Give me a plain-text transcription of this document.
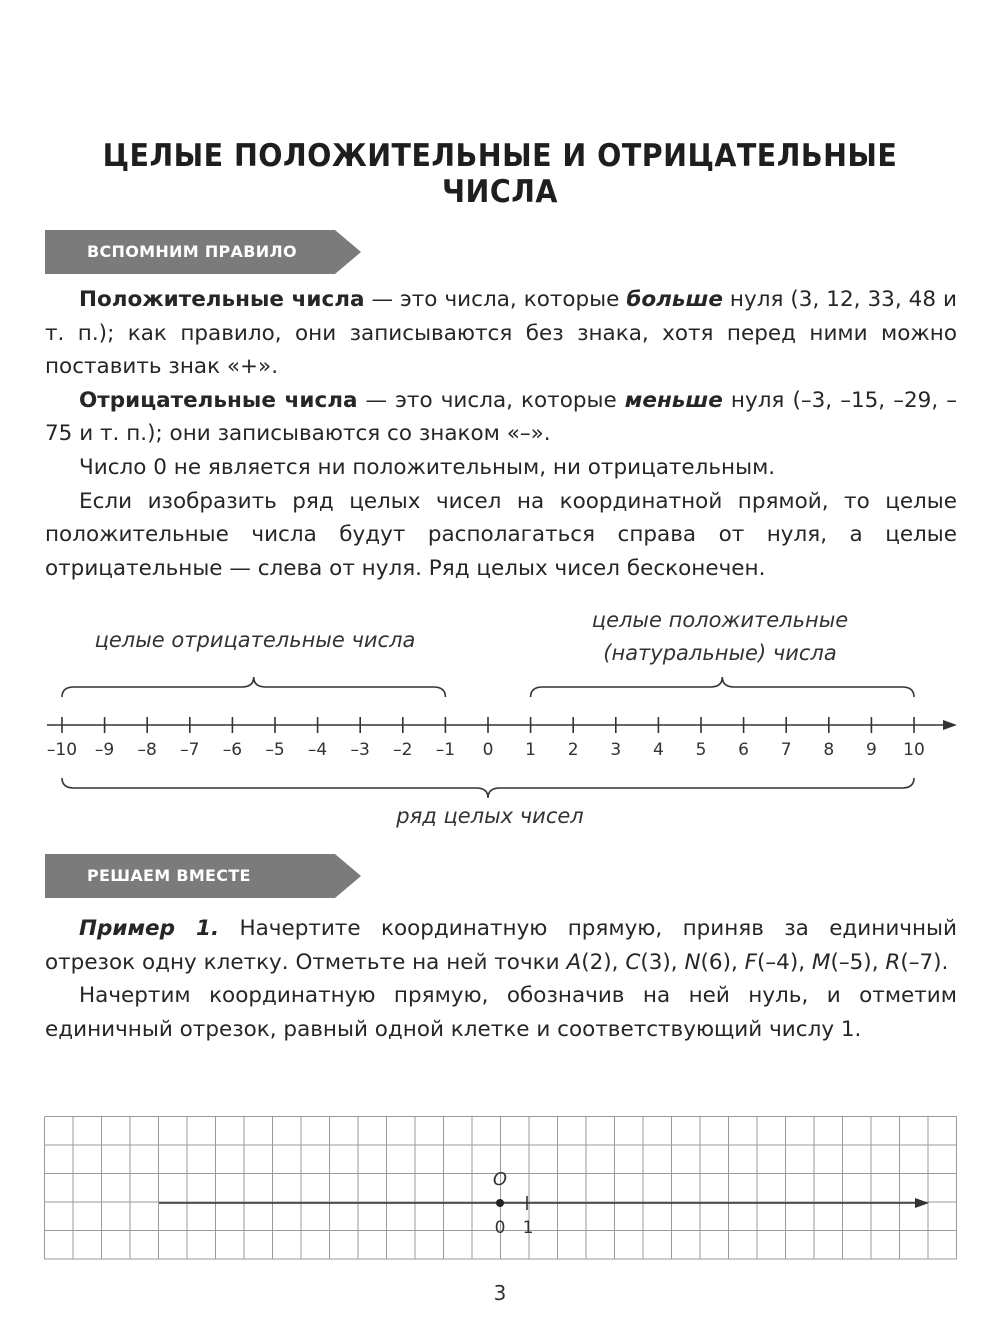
ЦЕЛЫЕ ПОЛОЖИТЕЛЬНЫЕ И ОТРИЦАТЕЛЬНЫЕ ЧИСЛА
ВСПОМНИМ ПРАВИЛО

Положительные числа — это числа, которые больше нуля (3, 12, 33, 48 и т. п.); как правило, они записываются без знака, хотя перед ними можно поставить знак «+».

Отрицательные числа — это числа, которые меньше нуля (–3, –15, –29, –75 и т. п.); они записываются со знаком «–».

Число 0 не является ни положительным, ни отрицательным.

Если изобразить ряд целых чисел на координатной прямой, то целые положительные числа будут располагаться справа от нуля, а целые отрицательные — слева от нуля. Ряд целых чисел бесконечен.

целые отрицательные числа
целые положительные
(натуральные) числа
–10 –9 –8 –7 –6 –5 –4 –3 –2 –1 0 1 2 3 4 5 6 7 8 9 10
ряд целых чисел
РЕШАЕМ ВМЕСТЕ

Пример 1. Начертите координатную прямую, приняв за единичный отрезок одну клетку. Отметьте на ней точки A(2), C(3), N(6), F(–4), M(–5), R(–7).

Начертим координатную прямую, обозначив на ней нуль, и отметим единичный отрезок, равный одной клетке и соответствующий числу 1.

O
0 1
3
